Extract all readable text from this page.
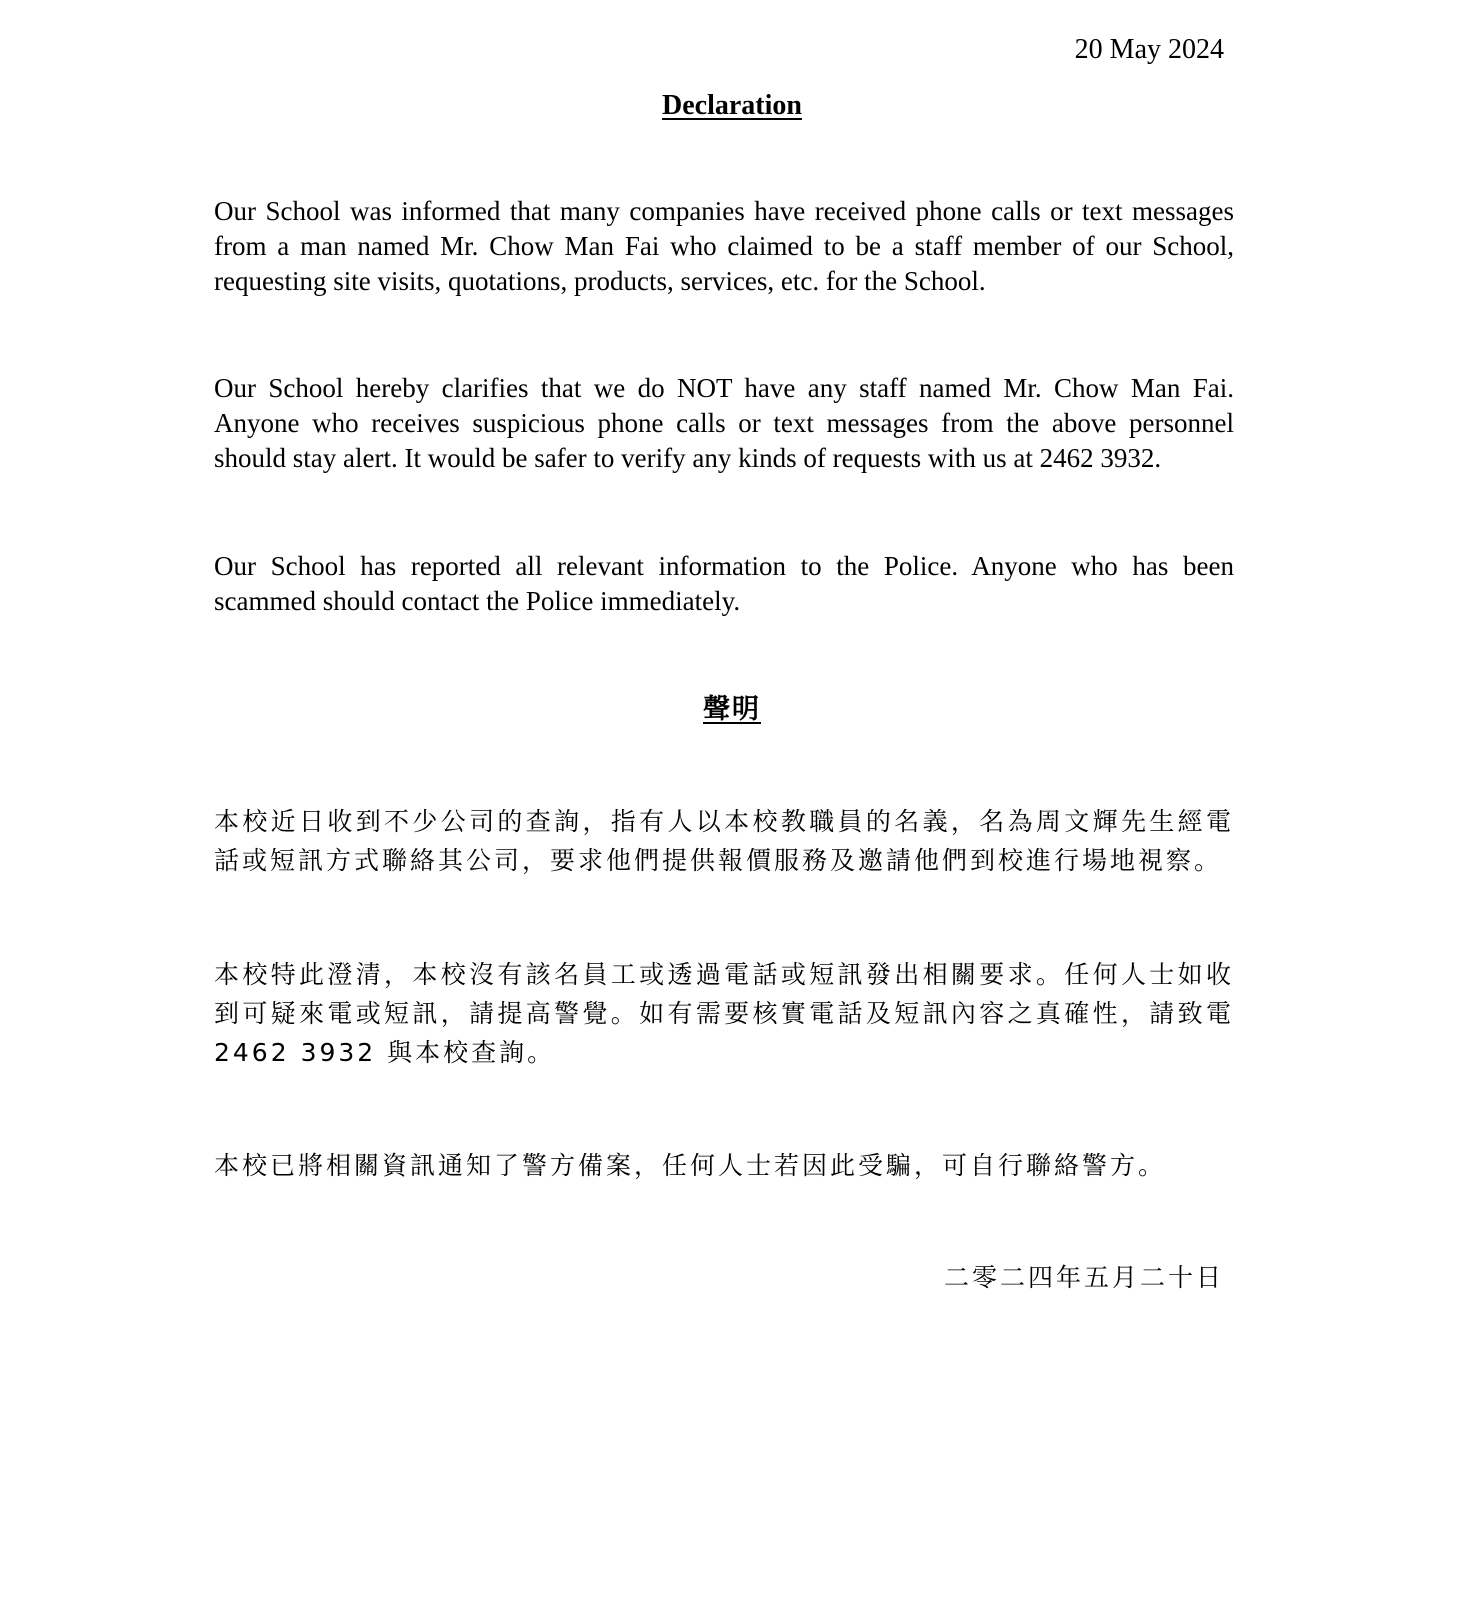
20 May 2024
Declaration

Our School was informed that many companies have received phone calls or text messages from a man named Mr. Chow Man Fai who claimed to be a staff member of our School, requesting site visits, quotations, products, services, etc. for the School.

Our School hereby clarifies that we do NOT have any staff named Mr. Chow Man Fai. Anyone who receives suspicious phone calls or text messages from the above personnel should stay alert. It would be safer to verify any kinds of requests with us at 2462 3932.

Our School has reported all relevant information to the Police. Anyone who has been scammed should contact the Police immediately.

聲明

本校近日收到不少公司的查詢，指有人以本校教職員的名義，名為周文輝先生經電話或短訊方式聯絡其公司，要求他們提供報價服務及邀請他們到校進行場地視察。

本校特此澄清，本校沒有該名員工或透過電話或短訊發出相關要求。任何人士如收到可疑來電或短訊，請提高警覺。如有需要核實電話及短訊內容之真確性，請致電 2462 3932 與本校查詢。

本校已將相關資訊通知了警方備案，任何人士若因此受騙，可自行聯絡警方。

二零二四年五月二十日
